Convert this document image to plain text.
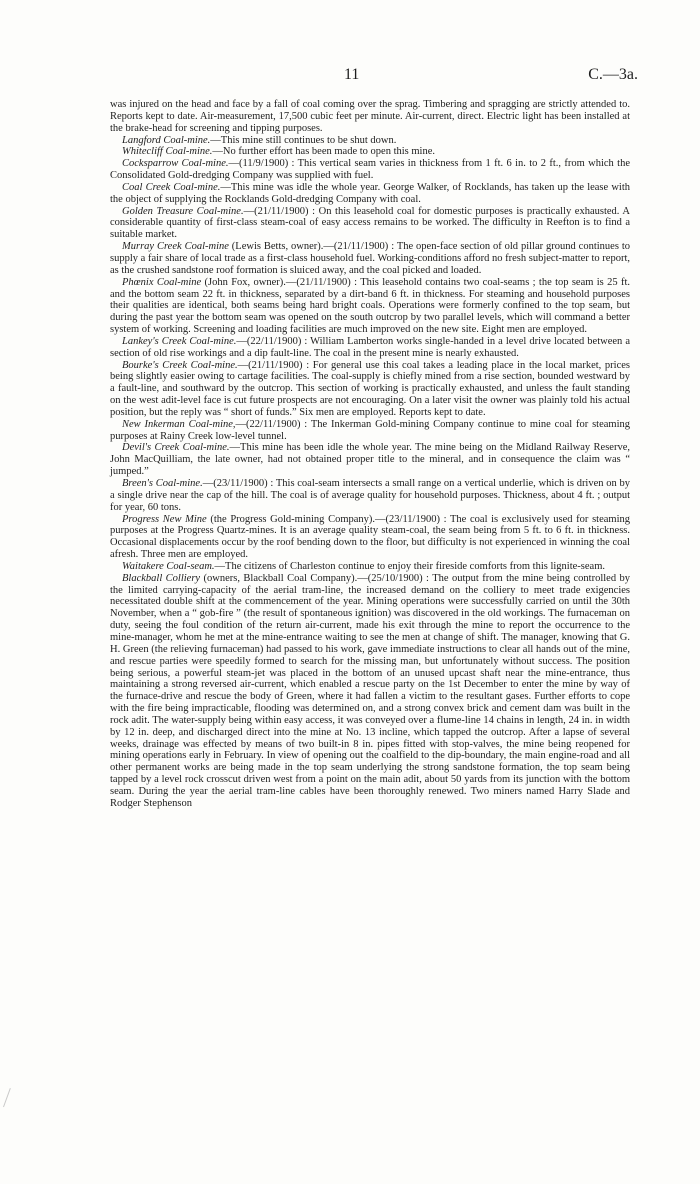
11	C.—3a.

was injured on the head and face by a fall of coal coming over the sprag. Timbering and spragging are strictly attended to. Reports kept to date. Air-measurement, 17,500 cubic feet per minute. Air-current, direct. Electric light has been installed at the brake-head for screening and tipping purposes.

Langford Coal-mine.—This mine still continues to be shut down.

Whitecliff Coal-mine.—No further effort has been made to open this mine.

Cocksparrow Coal-mine.—(11/9/1900) : This vertical seam varies in thickness from 1 ft. 6 in. to 2 ft., from which the Consolidated Gold-dredging Company was supplied with fuel.

Coal Creek Coal-mine.—This mine was idle the whole year. George Walker, of Rocklands, has taken up the lease with the object of supplying the Rocklands Gold-dredging Company with coal.

Golden Treasure Coal-mine.—(21/11/1900) : On this leasehold coal for domestic purposes is practically exhausted. A considerable quantity of first-class steam-coal of easy access remains to be worked. The difficulty in Reefton is to find a suitable market.

Murray Creek Coal-mine (Lewis Betts, owner).—(21/11/1900) : The open-face section of old pillar ground continues to supply a fair share of local trade as a first-class household fuel. Working-conditions afford no fresh subject-matter to report, as the crushed sandstone roof formation is sluiced away, and the coal picked and loaded.

Phœnix Coal-mine (John Fox, owner).—(21/11/1900) : This leasehold contains two coal-seams ; the top seam is 25 ft. and the bottom seam 22 ft. in thickness, separated by a dirt-band 6 ft. in thickness. For steaming and household purposes their qualities are identical, both seams being hard bright coals. Operations were formerly confined to the top seam, but during the past year the bottom seam was opened on the south outcrop by two parallel levels, which will command a better system of working. Screening and loading facilities are much improved on the new site. Eight men are employed.

Lankey's Creek Coal-mine.—(22/11/1900) : William Lamberton works single-handed in a level drive located between a section of old rise workings and a dip fault-line. The coal in the present mine is nearly exhausted.

Bourke's Creek Coal-mine.—(21/11/1900) : For general use this coal takes a leading place in the local market, prices being slightly easier owing to cartage facilities. The coal-supply is chiefly mined from a rise section, bounded westward by a fault-line, and southward by the outcrop. This section of working is practically exhausted, and unless the fault standing on the west adit-level face is cut future prospects are not encouraging. On a later visit the owner was plainly told his actual position, but the reply was “ short of funds.” Six men are employed. Reports kept to date.

New Inkerman Coal-mine,—(22/11/1900) : The Inkerman Gold-mining Company continue to mine coal for steaming purposes at Rainy Creek low-level tunnel.

Devil's Creek Coal-mine.—This mine has been idle the whole year. The mine being on the Midland Railway Reserve, John MacQuilliam, the late owner, had not obtained proper title to the mineral, and in consequence the claim was “ jumped.”

Breen's Coal-mine.—(23/11/1900) : This coal-seam intersects a small range on a vertical underlie, which is driven on by a single drive near the cap of the hill. The coal is of average quality for household purposes. Thickness, about 4 ft. ; output for year, 60 tons.

Progress New Mine (the Progress Gold-mining Company).—(23/11/1900) : The coal is exclusively used for steaming purposes at the Progress Quartz-mines. It is an average quality steam-coal, the seam being from 5 ft. to 6 ft. in thickness. Occasional displacements occur by the roof bending down to the floor, but difficulty is not experienced in winning the coal afresh. Three men are employed.

Waitakere Coal-seam.—The citizens of Charleston continue to enjoy their fireside comforts from this lignite-seam.

Blackball Colliery (owners, Blackball Coal Company).—(25/10/1900) : The output from the mine being controlled by the limited carrying-capacity of the aerial tram-line, the increased demand on the colliery to meet trade exigencies necessitated double shift at the commencement of the year. Mining operations were successfully carried on until the 30th November, when a “ gob-fire ” (the result of spontaneous ignition) was discovered in the old workings. The furnaceman on duty, seeing the foul condition of the return air-current, made his exit through the mine to report the occurrence to the mine-manager, whom he met at the mine-entrance waiting to see the men at change of shift. The manager, knowing that G. H. Green (the relieving furnaceman) had passed to his work, gave immediate instructions to clear all hands out of the mine, and rescue parties were speedily formed to search for the missing man, but unfortunately without success. The position being serious, a powerful steam-jet was placed in the bottom of an unused upcast shaft near the mine-entrance, thus maintaining a strong reversed air-current, which enabled a rescue party on the 1st December to enter the mine by way of the furnace-drive and rescue the body of Green, where it had fallen a victim to the resultant gases. Further efforts to cope with the fire being impracticable, flooding was determined on, and a strong convex brick and cement dam was built in the rock adit. The water-supply being within easy access, it was conveyed over a flume-line 14 chains in length, 24 in. in width by 12 in. deep, and discharged direct into the mine at No. 13 incline, which tapped the outcrop. After a lapse of several weeks, drainage was effected by means of two built-in 8 in. pipes fitted with stop-valves, the mine being reopened for mining operations early in February. In view of opening out the coalfield to the dip-boundary, the main engine-road and all other permanent works are being made in the top seam underlying the strong sandstone formation, the top seam being tapped by a level rock crosscut driven west from a point on the main adit, about 50 yards from its junction with the bottom seam. During the year the aerial tram-line cables have been thoroughly renewed. Two miners named Harry Slade and Rodger Stephenson
